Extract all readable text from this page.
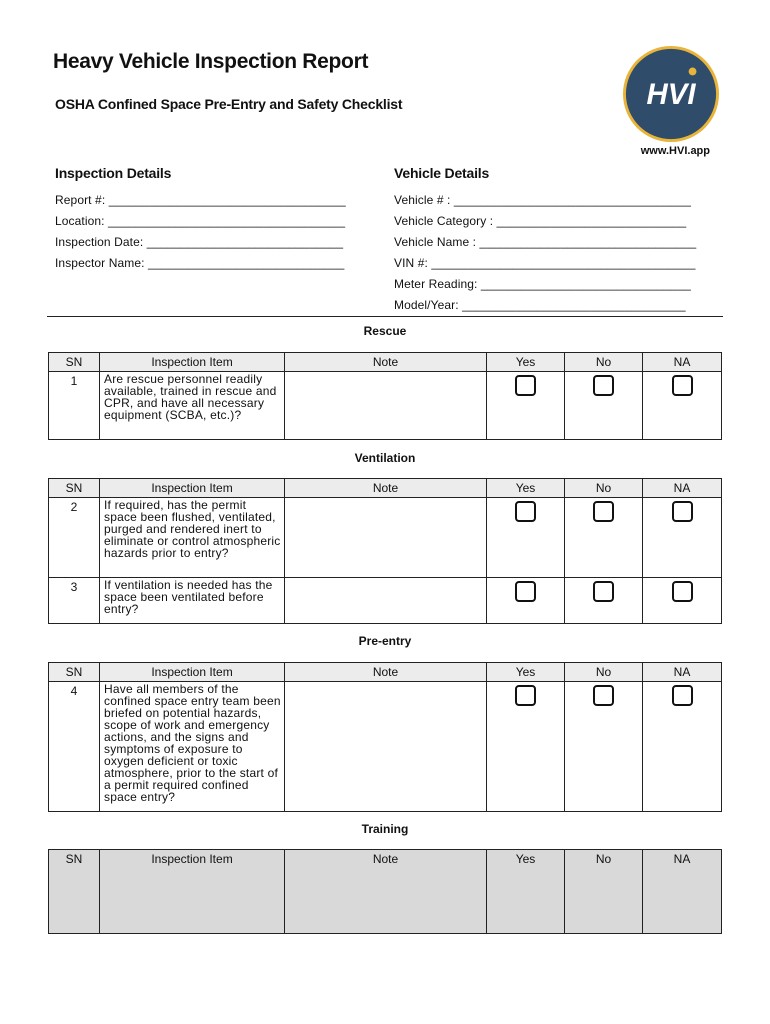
Heavy Vehicle Inspection Report
OSHA Confined Space Pre-Entry and Safety Checklist	HVI
www.HVI.app
Inspection Details	Vehicle Details
Report #: ___________________________________
Location: ___________________________________
Inspection Date: _____________________________
Inspector Name: _____________________________
Vehicle # : ___________________________________
Vehicle Category : ____________________________
Vehicle Name : ________________________________
VIN #: _______________________________________
Meter Reading: _______________________________
Model/Year: _________________________________
Rescue
SN	Inspection Item	Note	Yes	No	NA
1	Are rescue personnel readily available, trained in rescue and CPR, and have all necessary equipment (SCBA, etc.)?				
Ventilation
SN	Inspection Item	Note	Yes	No	NA
2	If required, has the permit space been flushed, ventilated, purged and rendered inert to eliminate or control atmospheric hazards prior to entry?				
3	If ventilation is needed has the space been ventilated before entry?				
Pre-entry
SN	Inspection Item	Note	Yes	No	NA
4	Have all members of the confined space entry team been briefed on potential hazards, scope of work and emergency actions, and the signs and symptoms of exposure to oxygen deficient or toxic atmosphere, prior to the start of a permit required confined space entry?				
Training
SN	Inspection Item	Note	Yes	No	NA
